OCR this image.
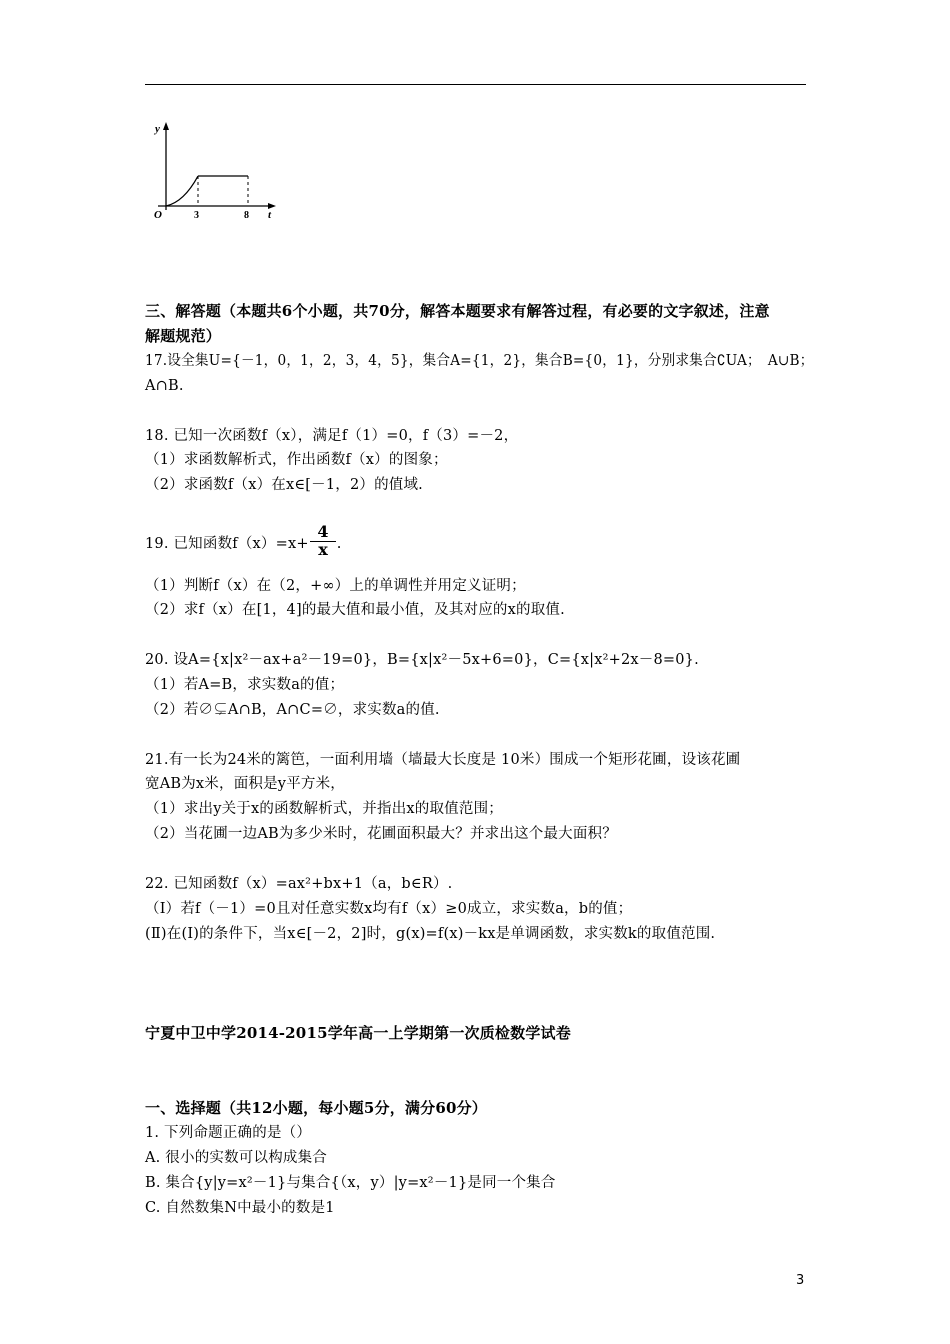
y
t
O	3	8
三、解答题（本题共6个小题，共70分，解答本题要求有解答过程，有必要的文字叙述，注意
解题规范）
17.设全集U={－1，0，1，2，3，4，5}，集合A={1，2}，集合B={0，1}，分别求集合∁UA；　A∪B；
A∩B.
18. 已知一次函数f（x），满足f（1）=0，f（3）=－2，
（1）求函数解析式，作出函数f（x）的图象；
（2）求函数f（x）在x∈[－1，2）的值域.
19. 已知函数f（x）=x+ .
$\frac{4}{x}$
（1）判断f（x）在（2，+∞）上的单调性并用定义证明；
（2）求f（x）在[1，4]的最大值和最小值，及其对应的x的取值.
20. 设A={x|x²－ax+a²－19=0}，B={x|x²－5x+6=0}，C={x|x²+2x－8=0}.
（1）若A=B，求实数a的值；
（2）若∅⊊A∩B，A∩C=∅，求实数a的值.
21.有一长为24米的篱笆，一面利用墙（墙最大长度是 10米）围成一个矩形花圃，设该花圃
宽AB为x米，面积是y平方米，
（1）求出y关于x的函数解析式，并指出x的取值范围；
（2）当花圃一边AB为多少米时，花圃面积最大？并求出这个最大面积？
22. 已知函数f（x）=ax²+bx+1（a，b∈R）.
（Ⅰ）若f（－1）=0且对任意实数x均有f（x）≥0成立，求实数a，b的值；
(Ⅱ)在(Ⅰ)的条件下，当x∈[－2，2]时，g(x)=f(x)－kx是单调函数，求实数k的取值范围.
宁夏中卫中学2014-2015学年高一上学期第一次质检数学试卷
一、选择题（共12小题，每小题5分，满分60分）
1. 下列命题正确的是（）
A. 很小的实数可以构成集合
B. 集合{y|y=x²－1}与集合{（x，y）|y=x²－1}是同一个集合
C. 自然数集N中最小的数是1
3
